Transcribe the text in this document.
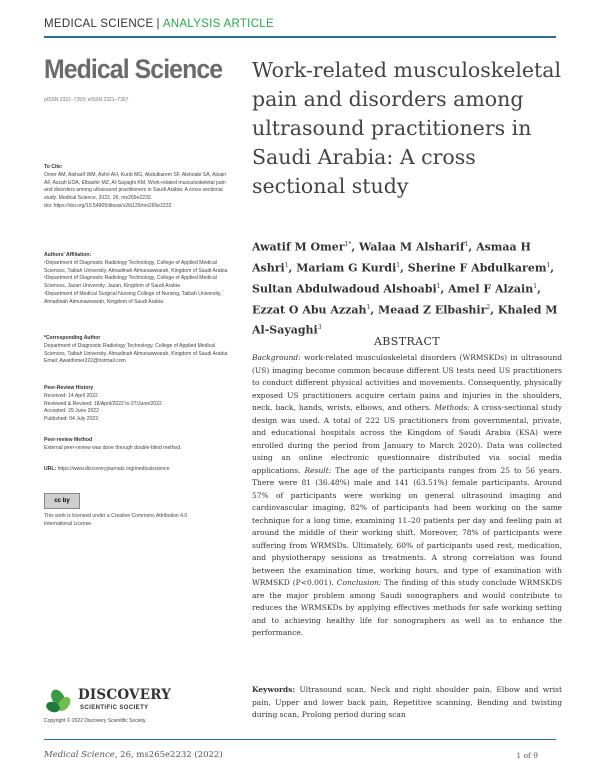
MEDICAL SCIENCE | ANALYSIS ARTICLE
Medical Science
pISSN 2321–7359; eISSN 2321–7367
Work-related musculoskeletal pain and disorders among ultrasound practitioners in Saudi Arabia: A cross sectional study
Awatif M Omer$^{1*}$, Walaa M Alsharif$^1$, Asmaa H Ashri$^1$, Mariam G Kurdi$^1$, Sherine F Abdulkarem$^1$, Sultan Abdulwadoud Alshoabi$^1$, Amel F Alzain$^1$, Ezzat O Abu Azzah$^1$, Meaad Z Elbashir$^2$, Khaled M Al-Sayaghi$^3$
To Cite:
Omer AM, Alsharif WM, Ashri AH, Kurdi MG, Abdulkarem SF, Alshoabi SA, Alzain AF, Azzah EOA, Elbashir MZ, Al-Sayaghi KM. Work-related musculoskeletal pain and disorders among ultrasound practitioners in Saudi Arabia: A cross sectional study. Medical Science, 2022, 26, ms265e2232.
doi: https://doi.org/10.54905/disssi/v26i125/ms265e2232
Authors' Affiliation:
¹Department of Diagnostic Radiology Technology, College of Applied Medical Sciences, Taibah University, Almadinah Almunawwarah, Kingdom of Saudi Arabia
²Department of Diagnostic Radiology Technology, College of Applied Medical Sciences, Jazan University, Jazan, Kingdom of Saudi Arabia
³Department of Medical Surgical Nursing College of Nursing, Taibah University, Almadinah Almunawwarah, Kingdom of Saudi Arabia
*Corresponding Author
Department of Diagnostic Radiology Technology, College of Applied Medical Sciences, Taibah University, Almadinah Almunawwarah, Kingdom of Saudi Arabia
Email: Awatifomer222@hotmail.com
Peer-Review History
Received: 14 April 2022
Reviewed & Revised: 18/April/2022 to 27/June/2022
Accepted: 29 June 2022
Published: 04 July 2022
Peer-review Method
External peer-review was done through double-blind method.
URL: https://www.discoveryjournals.org/medicalscience
cc by
This work is licensed under a Creative Commons Attribution 4.0 International License.
DISCOVERY
SCIENTIFIC SOCIETY
Copyright © 2022 Discovery Scientific Society.
ABSTRACT
Background: work-related musculoskeletal disorders (WRMSKDs) in ultrasound (US) imaging become common because different US tests need US practitioners to conduct different physical activities and movements. Consequently, physically exposed US practitioners acquire certain pains and injuries in the shoulders, neck, back, hands, wrists, elbows, and others. Methods: A cross-sectional study design was used. A total of 222 US practitioners from governmental, private, and educational hospitals across the Kingdom of Saudi Arabia (KSA) were enrolled during the period from January to March 2020). Data was collected using an online electronic questionnaire distributed via social media applications. Result: The age of the participants ranges from 25 to 56 years. There were 81 (36.48%) male and 141 (63.51%) female participants. Around 57% of participants were working on general ultrasound imaging and cardiovascular imaging, 82% of participants had been working on the same technique for a long time, examining 11–20 patients per day and feeling pain at around the middle of their working shift. Moreover, 78% of participants were suffering from WRMSDs. Ultimately, 60% of participants used rest, medication, and physiotherapy sessions as treatments. A strong correlation was found between the examination time, working hours, and type of examination with WRMSKD (P<0.001). Conclusion: The finding of this study conclude WRMSKDS are the major problem among Saudi sonographers and would contribute to reduces the WRMSKDs by applying effectives methods for safe working setting and to achieving healthy life for sonographers as well as to enhance the performance.
Keywords: Ultrasound scan, Neck and right shoulder pain, Elbow and wrist pain, Upper and lower back pain, Repetitive scanning, Bending and twisting during scan, Prolong period during scan
Medical Science, 26, ms265e2232 (2022)	1 of 9
